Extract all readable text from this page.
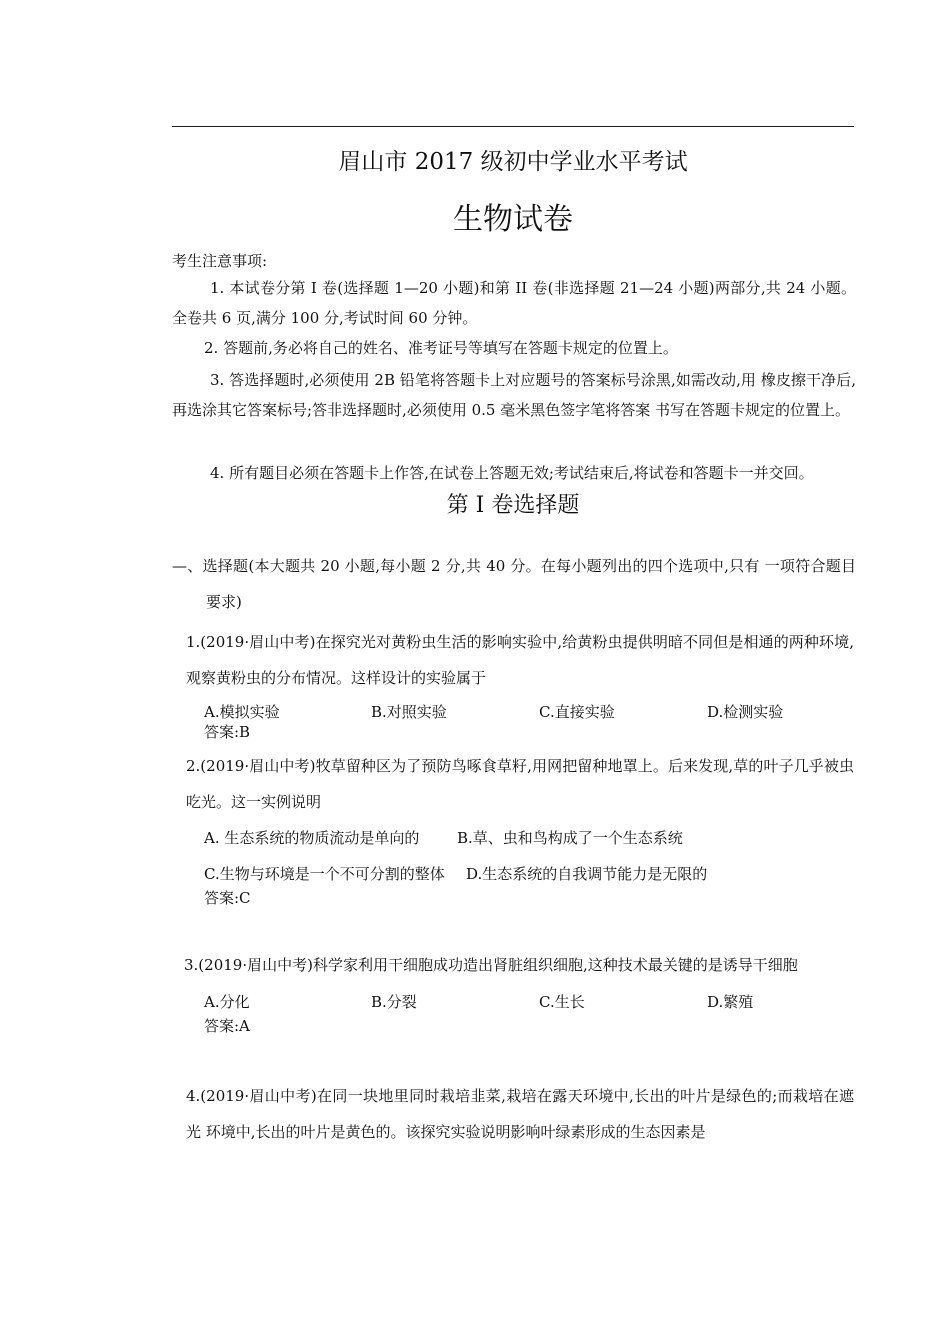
眉山市 2017 级初中学业水平考试
生物试卷
考生注意事项:
1. 本试卷分第 I 卷(选择题 1—20 小题)和第 II 卷(非选择题 21—24 小题)两部分,共 24 小题。全卷共 6 页,满分 100 分,考试时间 60 分钟。
2. 答题前,务必将自己的姓名、准考证号等填写在答题卡规定的位置上。
3. 答选择题时,必须使用 2B 铅笔将答题卡上对应题号的答案标号涂黑,如需改动,用 橡皮擦干净后,再选涂其它答案标号;答非选择题时,必须使用 0.5 毫米黑色签字笔将答案 书写在答题卡规定的位置上。
4. 所有题目必须在答题卡上作答,在试卷上答题无效;考试结束后,将试卷和答题卡一并交回。
第 I 卷选择题
—、选择题(本大题共 20 小题,每小题 2 分,共 40 分。在每小题列出的四个选项中,只有 一项符合题目要求)
1.(2019·眉山中考)在探究光对黄粉虫生活的影响实验中,给黄粉虫提供明暗不同但是相通的两种环境,观察黄粉虫的分布情况。这样设计的实验属于
A.模拟实验	B.对照实验	C.直接实验	D.检测实验
答案:B
2.(2019·眉山中考)牧草留种区为了预防鸟啄食草籽,用网把留种地罩上。后来发现,草的叶子几乎被虫 吃光。这一实例说明
A. 生态系统的物质流动是单向的	B.草、虫和鸟构成了一个生态系统
C.生物与环境是一个不可分割的整体 D.生态系统的自我调节能力是无限的
答案:C
3.(2019·眉山中考)科学家利用干细胞成功造出肾脏组织细胞,这种技术最关键的是诱导干细胞
A.分化	B.分裂	C.生长	D.繁殖
答案:A
4.(2019·眉山中考)在同一块地里同时栽培韭菜,栽培在露天环境中,长出的叶片是绿色的;而栽培在遮光 环境中,长出的叶片是黄色的。该探究实验说明影响叶绿素形成的生态因素是
